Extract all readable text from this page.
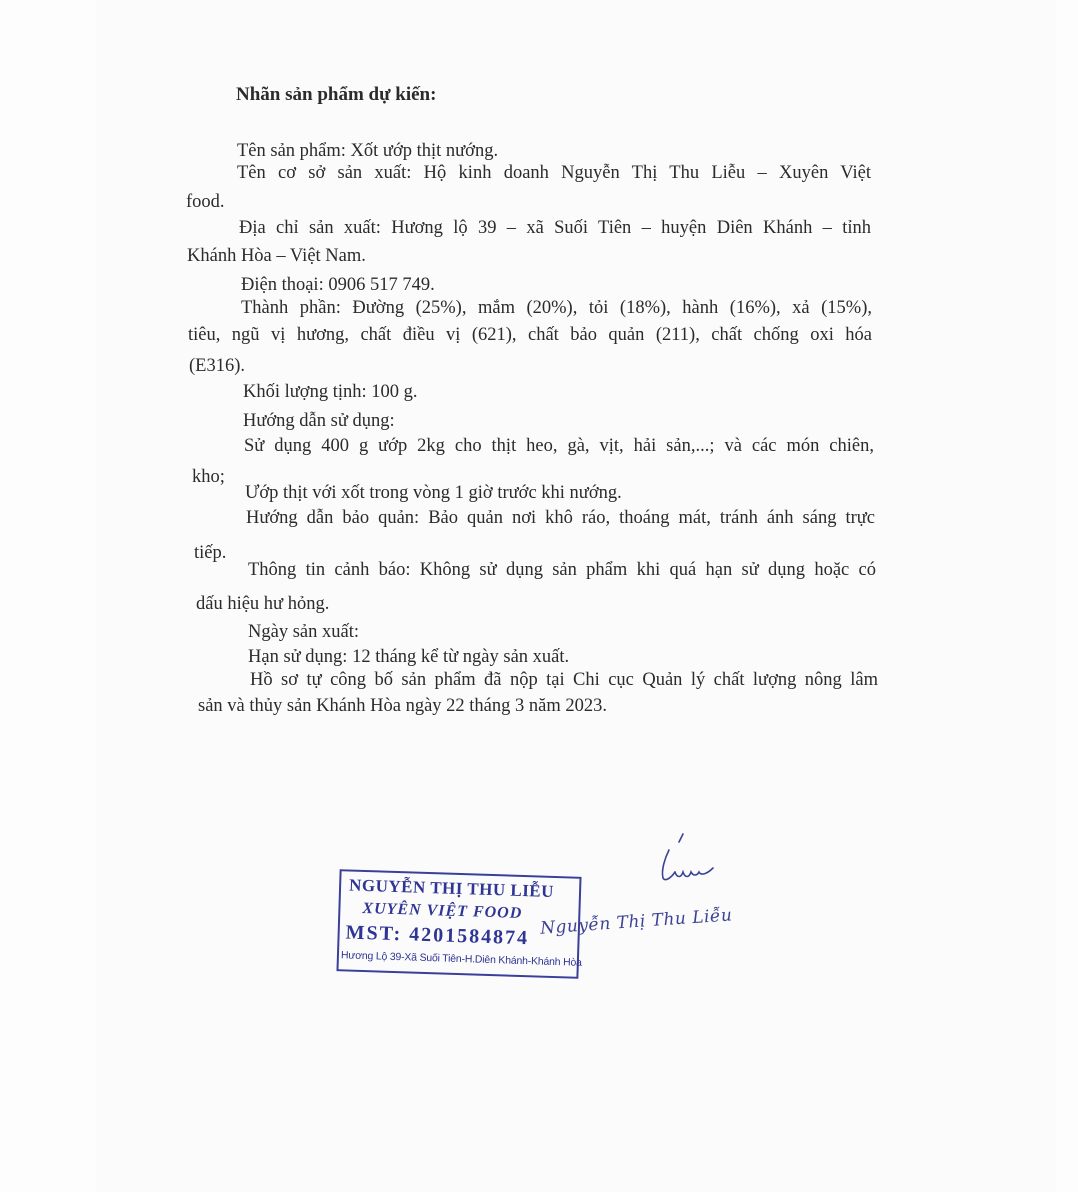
Nhãn sản phẩm dự kiến:

Tên sản phẩm: Xốt ướp thịt nướng.

Tên cơ sở sản xuất: Hộ kinh doanh Nguyễn Thị Thu Liễu – Xuyên Việt

food.

Địa chỉ sản xuất: Hương lộ 39 – xã Suối Tiên – huyện Diên Khánh – tỉnh

Khánh Hòa – Việt Nam.

Điện thoại: 0906 517 749.

Thành phần: Đường (25%), mắm (20%), tỏi (18%), hành (16%), xả (15%),

tiêu, ngũ vị hương, chất điều vị (621), chất bảo quản (211), chất chống oxi hóa

(E316).

Khối lượng tịnh: 100 g.

Hướng dẫn sử dụng:

Sử dụng 400 g ướp 2kg cho thịt heo, gà, vịt, hải sản,...; và các món chiên,

kho;

Ướp thịt với xốt trong vòng 1 giờ trước khi nướng.

Hướng dẫn bảo quản: Bảo quản nơi khô ráo, thoáng mát, tránh ánh sáng trực

tiếp.

Thông tin cảnh báo: Không sử dụng sản phẩm khi quá hạn sử dụng hoặc có

dấu hiệu hư hỏng.

Ngày sản xuất:

Hạn sử dụng: 12 tháng kể từ ngày sản xuất.

Hồ sơ tự công bố sản phẩm đã nộp tại Chi cục Quản lý chất lượng nông lâm

sản và thủy sản Khánh Hòa ngày 22 tháng 3 năm 2023.

NGUYỄN THỊ THU LIỄU
XUYÊN VIỆT FOOD
MST: 4201584874
Hương Lộ 39-Xã Suối Tiên-H.Diên Khánh-Khánh Hòa
Nguyễn Thị Thu Liễu
